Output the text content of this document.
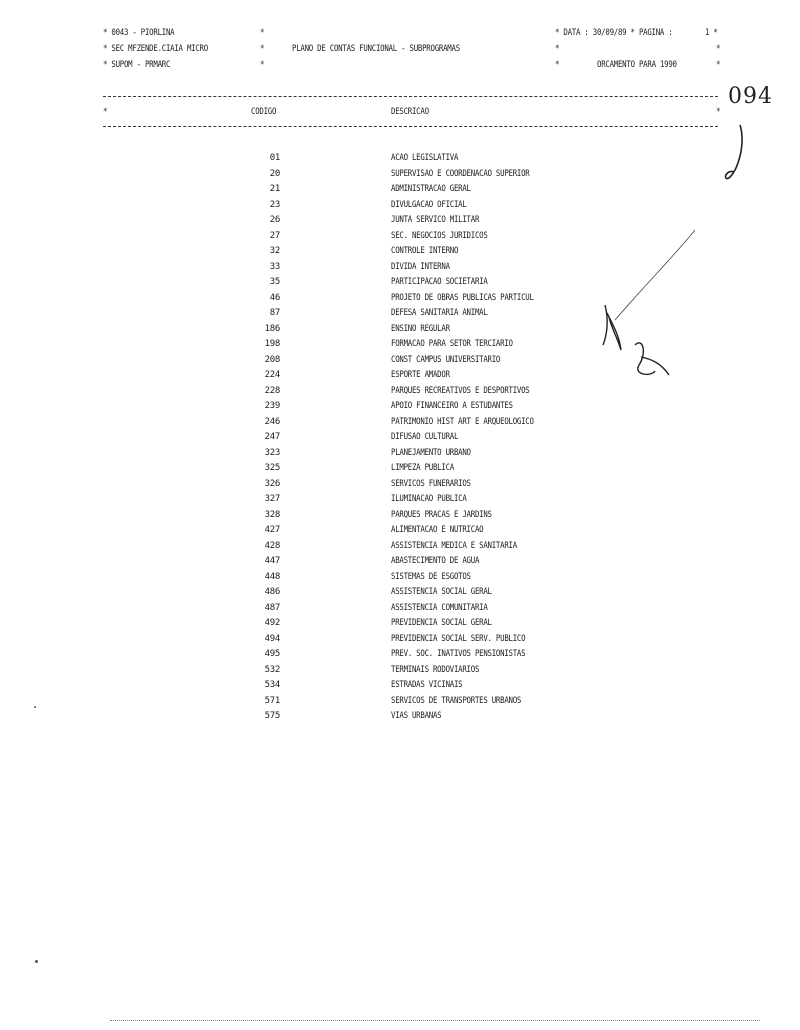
* 0043 - PIORLINA
* SEC MFZENDE.CIAIA MICRO
* SUPOM - PRMARC
*
*
*
PLANO DE CONTAS FUNCIONAL - SUBPROGRAMAS
* DATA : 30/09/89 * PAGINA :	1 *
*	*
*	ORCAMENTO PARA 1990	*
*	CODIGO	DESCRICAO	*
094
01	ACAO LEGISLATIVA
20	SUPERVISAO E COORDENACAO SUPERIOR
21	ADMINISTRACAO GERAL
23	DIVULGACAO OFICIAL
26	JUNTA SERVICO MILITAR
27	SEC. NEGOCIOS JURIDICOS
32	CONTROLE INTERNO
33	DIVIDA INTERNA
35	PARTICIPACAO SOCIETARIA
46	PROJETO DE OBRAS PUBLICAS PARTICUL
87	DEFESA SANITARIA ANIMAL
186	ENSINO REGULAR
198	FORMACAO PARA SETOR TERCIARIO
208	CONST CAMPUS UNIVERSITARIO
224	ESPORTE AMADOR
228	PARQUES RECREATIVOS E DESPORTIVOS
239	APOIO FINANCEIRO A ESTUDANTES
246	PATRIMONIO HIST ART E ARQUEOLOGICO
247	DIFUSAO CULTURAL
323	PLANEJAMENTO URBANO
325	LIMPEZA PUBLICA
326	SERVICOS FUNERARIOS
327	ILUMINACAO PUBLICA
328	PARQUES PRACAS E JARDINS
427	ALIMENTACAO E NUTRICAO
428	ASSISTENCIA MEDICA E SANITARIA
447	ABASTECIMENTO DE AGUA
448	SISTEMAS DE ESGOTOS
486	ASSISTENCIA SOCIAL GERAL
487	ASSISTENCIA COMUNITARIA
492	PREVIDENCIA SOCIAL GERAL
494	PREVIDENCIA SOCIAL SERV. PUBLICO
495	PREV. SOC. INATIVOS PENSIONISTAS
532	TERMINAIS RODOVIARIOS
534	ESTRADAS VICINAIS
571	SERVICOS DE TRANSPORTES URBANOS
575	VIAS URBANAS
